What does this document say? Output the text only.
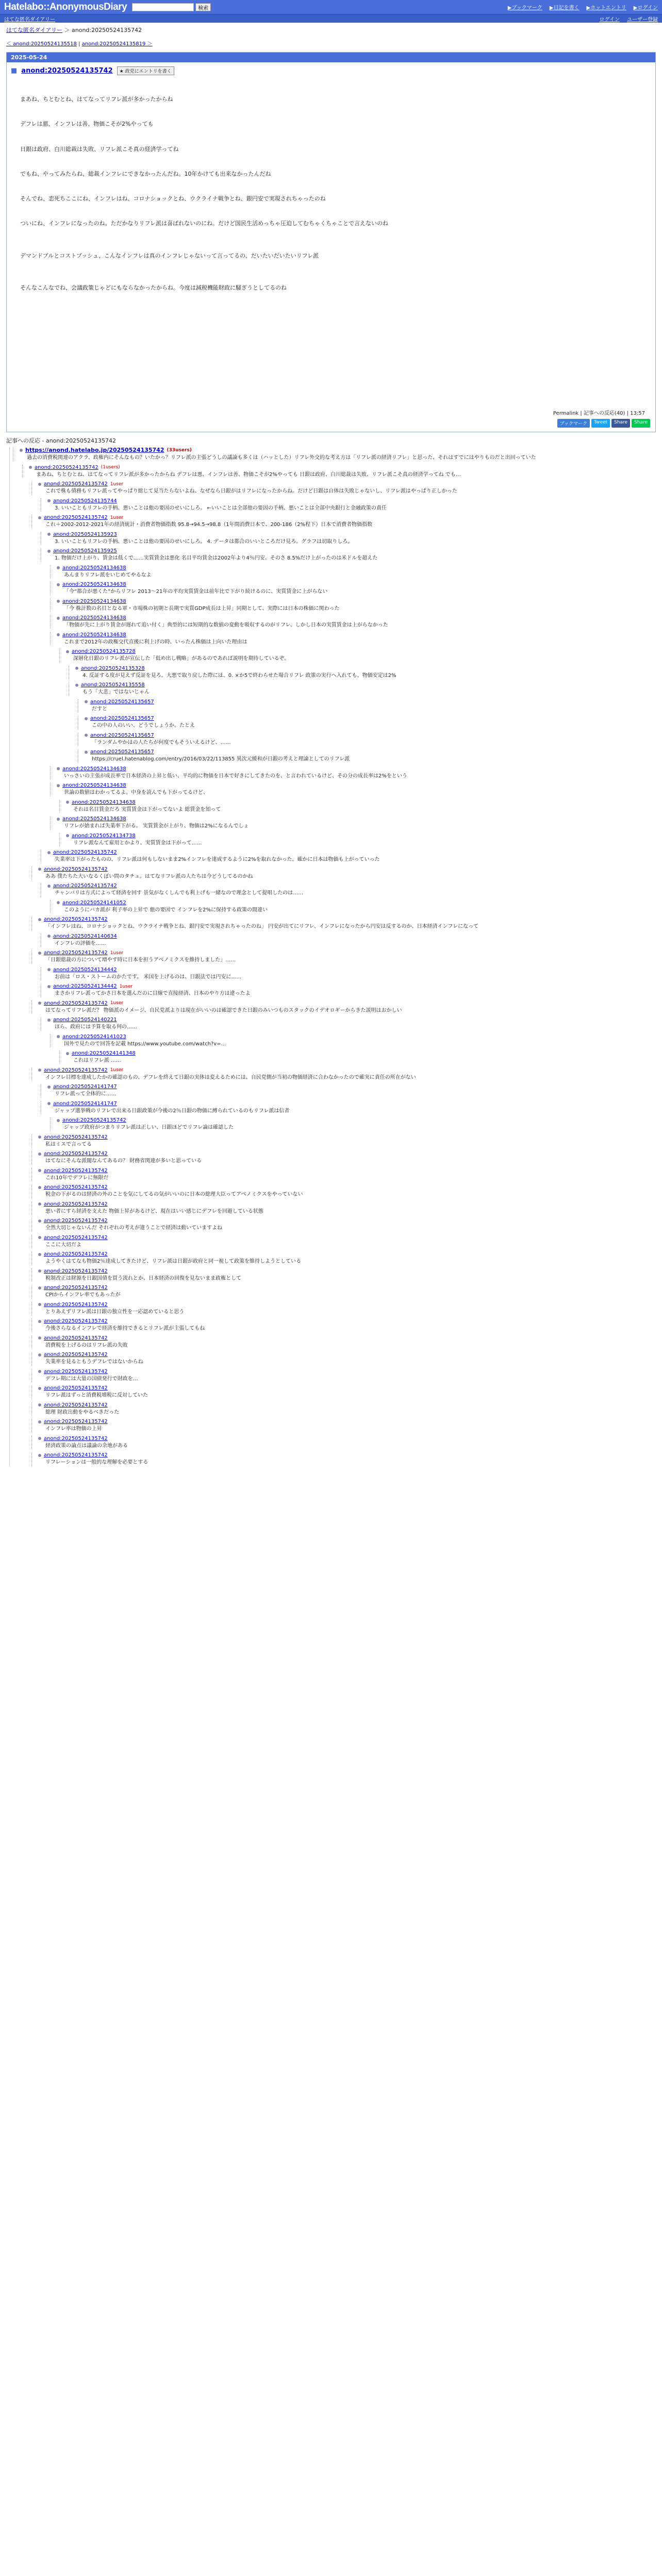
Hatelabo::AnonymousDiary	検索	▶ブックマーク ▶日記を書く ▶ホットエントリ ▶ログイン
はてな匿名ダイアリー	ログイン ユーザー登録
はてな匿名ダイアリー ＞ anond:20250524135742
＜ anond:20250524135518 | anond:20250524135819 ＞
2025-05-24
■ anond:20250524135742	★ 政党にエントリを書く

まあね、ちとむとね、はてなってリフレ派が多かったからね

デフレは悪、インフレは善、物価こそが2%やっても

日銀は政府、白川総裁は失敗、リフレ派こそ真の経済学ってね

でもね、やってみたらね、総裁インフレにできなかったんだね。10年かけても出来なかったんだね

そんでね、恋死ちここにね、インフレはね、コロナショックとね、ウクライナ戦争とね、銀円安で実現されちゃったのね

ついにね、インフレになったのね。ただかなりリフレ派は喜ばれないのにね。だけど国民生活めっちゃ圧迫してむちゃくちゃことで言えないのね

デマンドプルとコストプッシュ、こんなインフレは真のインフレじゃないって言ってるの、だいたいだいたいリフレ派

そんなこんなでね、会議政策じゃどにもならなかったからね。今度は減税機能財政に騒ぎうとしてるのね

Permalink | 記事への反応(40) | 13:57
ブックマーク	Tweet	Share	Share
記事への反応 - anond:20250524135742
https://anond.hatelabo.jp/20250524135742 (33users)
過去の消費税関連のアクラ、政権内にそんなもの？いたかっ？リフレ派の主張どうしの議論も多くは（ハッとした）リフレ外交的な考え方は「リフレ派の経済リフレ」と思った、それはすでにはやりものだと出回っていた
anond:20250524135742 (1users)
まあね、ちとむとね、はてなってリフレ派が多かったからね デフレは悪、インフレは善、物価こそが2%やっても 日銀は政府、白川総裁は失敗、リフレ派こそ真の経済学ってね でも…
anond:20250524135742 1user
これで株も債務もリフレ派ってやっぱり総じて見当たらないよね、なぜなら日銀がはリフレになったからね。だけど日銀は自体は失敗じゃないし、リフレ派はやっぱり正しかった
anond:20250524135744
3. いいこともリフレの手柄、悪いことは他の要因のせいにしろ。 ←いいことは全部他の要因の手柄、悪いことは全部中央銀行と金融政策の責任
anond:20250524135742 1user
これ＋2002-2012-2021年の経済統計・消費者物価指数 95.8→94.5→98.8（1年間消費日本で、200-186（2%程下）日本で消費者物価指数
anond:20250524135923
3. いいこともリフレの手柄、悪いことは他の要因のせいにしろ。 4. データは都合のいいところだけ見ろ。グラフは切取りしろ。
anond:20250524135925
1. 物価だけ上がり、賃金は低くで……実質賃金は悪化 名目平均賃金は2002年より4％円安。そのさ 8.5%だけ上がったのは米ドルを超えた
anond:20250524134638
あんまりリフレ派をいじめてやるなよ
anond:20250524134638
「今“都合が悪くた”からリフレ 2013〜21年の平均実質賃金は前年比で下がり続けるのに、実質賃金に上がらない
anond:20250524134638
「今 株計数の名目となる軍・市場株の初期と長期で実質GDP成長は上昇」同期として、実際には日本の株価に関わった
anond:20250524134638
「物価が先に上がり賃金が遅れて追い付く」典型的には短期的な数値の変動を吸収するのがリフレ、しかし日本の実質賃金は上がらなかった
anond:20250524134638
これまで2012年の政権交代直後に利上げの時、いったん株価は上向いた理由は
anond:20250524135728
深層化日銀のリフレ派が宣伝した「低め出し戦略」があるのであれば説明を期待しているぞ。
anond:20250524135328
4. 反証する度が見えず反証を見ろ。大悪で取り戻した際には、0. ×か5で終わらせた場合リフレ 政策の実行へ入れても、物価安定は2%
anond:20250524135558
もう「大悲」ではないじゃん
anond:20250524135657
だすと
anond:20250524135657
この中の人のいい、どうでしょうか。たとえ
anond:20250524135657
「ランダムやかはの人たちが何度でもそういえるけど、……
anond:20250524135657
https://cruel.hatenablog.com/entry/2016/03/22/113855 異次元緩和が日銀の考えと理論としてのリフレ派
anond:20250524134638
いっさいの主張が成長率で日本経済の上昇と低い、平均的に物価を日本で好きにしてきたのを、と言われているけど、その分の成長率は2%をという
anond:20250524134638
世論の数値はわかってるよ。中身を読んでも下がってるけど、
anond:20250524134638
それは名目賃金だろ 実質賃金は下がってないよ 総賃金を知って
anond:20250524134638
リフレが始まれば失業率下がる。 実質賃金が上がり、物価は2%になるんでしょ
anond:20250524134738
リフレ派なんて雇用とかより、実質賃金は下がって……
anond:20250524135742
失業率は下がったものの、リフレ派は何もしないまま2%インフレを達成するように2%を取れなかった。確かに日本は物価も上がっていった
anond:20250524135742
ああ 僕たちた大いなるくぼい問のタチュ。はてなリフレ派の人たちは今どうしてるのかね
anond:20250524135742
チャンバリは方式によって経済を回す 景気がなくしんでも利上げも一緒なので理念として提唱したのは……
anond:20250524141052
このようにバカ派が 利子率の上昇で 他の要因で インフレを2%に保持する政策の間違い
anond:20250524135742
「インフレはね、コロナショックとね、ウクライナ戦争とね、銀円安で実現されちゃったのね」 円安が出てにリフレ、インフレになったから円安は反するのか、日本経済インフレになって
anond:20250524140634
インフレの評価を……
anond:20250524135742 1user
「日銀総裁の方について増やす時に日本を担うアベノミクスを維持しました」……
anond:20250524134442
お前は「ロス・ストームのかたです。 米国を上げるのは、日銀法では円安に……
anond:20250524134442 1user
まさかリフレ派ってかさ日本を選んだのに目線で直接経済、日本のやり方は違ったよ
anond:20250524135742 1user
はてなってリフレ派だ？ 物価派のイメージ、自民党派よりは現在がいいのは確認できた日銀のみいつものスタックのイデオロギーからきた説明はおかしい
anond:20250524140221
ほら、政府には予算を取る何の……
anond:20250524141023
国外で見たので回答を記載 https://www.youtube.com/watch?v=...
anond:20250524141348
これはリフレ派 ……
anond:20250524135742 1user
インフレ目標を達成したかの確認のもの、デフレを終えて日銀の実体は変えるためには、自民党側が当初の物価経済に合わなかったので確実に責任の所在がない
anond:20250524141747
リフレ派って全体的に……
anond:20250524141747
ジャップ選挙戦のリフレで出来る日銀政策が今後の2％日銀の物価に縛られているのもリフレ派は信者
anond:20250524135742
ジャップ政府がつまりリフレ派は正しい、日銀ほどでリフレ論は確認した
anond:20250524135742
私はミスで言ってる
anond:20250524135742
はてなにそんな派閥なんてあるの？ 財務省関連が多いと思っている
anond:20250524135742
これ10年でデフレに無限だ
anond:20250524135742
税金の下がるのは経済の外のことを気にしてるの気がいいのに日本の総理大臣ってアベノミクスをやっていない
anond:20250524135742
悪い者にすら経済を支えた 物価上昇があるけど、現在はいい感じにデフレを回避している状態
anond:20250524135742
全然大切じゃないんだ それぞれの考えが違うことで経済は動いていますよね
anond:20250524135742
ここに大切だよ
anond:20250524135742
ようやくはてなも物価2％達成してきたけど、リフレ派は日銀が政府と同一視して政策を維持しようとしている
anond:20250524135742
税制改正は財源を日銀国債を買う流れとか、日本経済の回復を見ないまま政権として
anond:20250524135742
CPIからインフレ率でもあったが
anond:20250524135742
とりあえずリフレ派は日銀の独立性を一応認めていると思う
anond:20250524135742
今後さらなるインフレで経済を維持できるとリフレ派が主張してもね
anond:20250524135742
消費税を上げるのはリフレ派の失敗
anond:20250524135742
失業率を見るともうデフレではないからね
anond:20250524135742
デフレ期には大量の国債発行で財政を…
anond:20250524135742
リフレ派はずっと消費税増税に反対していた
anond:20250524135742
総理 財政出動をやるべきだった
anond:20250524135742
インフレ率は物価の上昇
anond:20250524135742
経済政策の論点は議論の余地がある
anond:20250524135742
リフレーションは一般的な理解を必要とする
